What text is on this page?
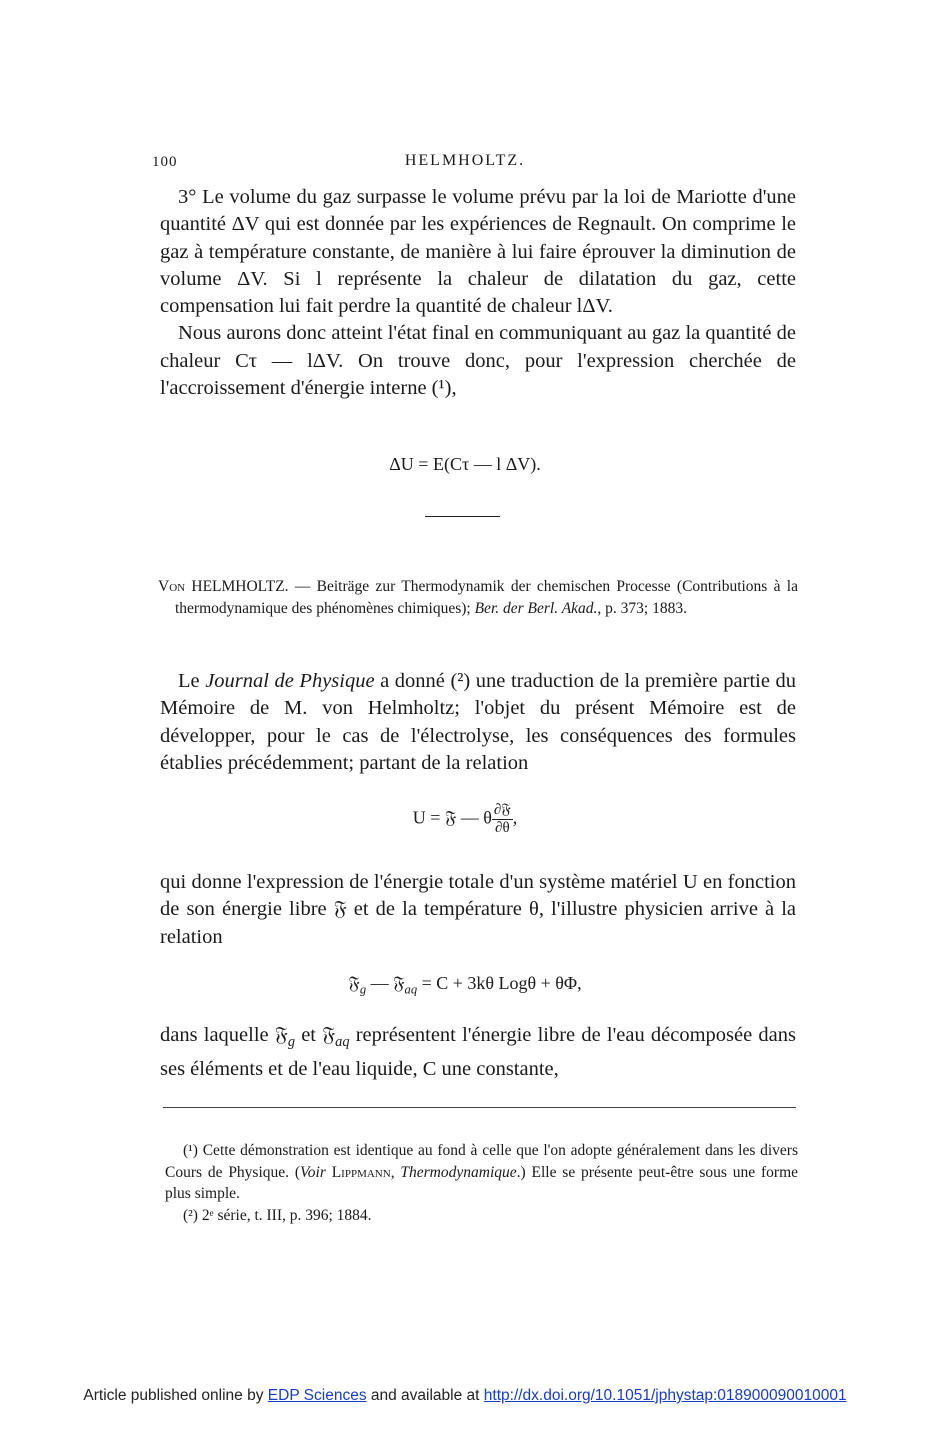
100	HELMHOLTZ.

3° Le volume du gaz surpasse le volume prévu par la loi de Mariotte d'une quantité ΔV qui est donnée par les expériences de Regnault. On comprime le gaz à température constante, de manière à lui faire éprouver la diminution de volume ΔV. Si l représente la chaleur de dilatation du gaz, cette compensation lui fait perdre la quantité de chaleur lΔV.

Nous aurons donc atteint l'état final en communiquant au gaz la quantité de chaleur Cτ — lΔV. On trouve donc, pour l'expression cherchée de l'accroissement d'énergie interne (¹),

ΔU = E(Cτ — l ΔV).

Von HELMHOLTZ. — Beiträge zur Thermodynamik der chemischen Processe (Contributions à la thermodynamique des phénomènes chimiques); Ber. der Berl. Akad., p. 373; 1883.

Le Journal de Physique a donné (²) une traduction de la première partie du Mémoire de M. von Helmholtz; l'objet du présent Mémoire est de développer, pour le cas de l'électrolyse, les conséquences des formules établies précédemment; partant de la relation

U = 𝔉 — θ $\frac{\text{∂𝔉}}{\partial\theta}$ ,

qui donne l'expression de l'énergie totale d'un système matériel U en fonction de son énergie libre 𝔉 et de la température θ, l'illustre physicien arrive à la relation

𝔉$_g$ — 𝔉$_{aq}$ = C + 3kθ Logθ + θΦ,

dans laquelle 𝔉$_g$ et 𝔉$_{aq}$ représentent l'énergie libre de l'eau décomposée dans ses éléments et de l'eau liquide, C une constante,

(¹) Cette démonstration est identique au fond à celle que l'on adopte généralement dans les divers Cours de Physique. (Voir Lippmann, Thermodynamique.) Elle se présente peut-être sous une forme plus simple.

(²) 2ᵉ série, t. III, p. 396; 1884.

Article published online by EDP Sciences and available at http://dx.doi.org/10.1051/jphystap:018900090010001
